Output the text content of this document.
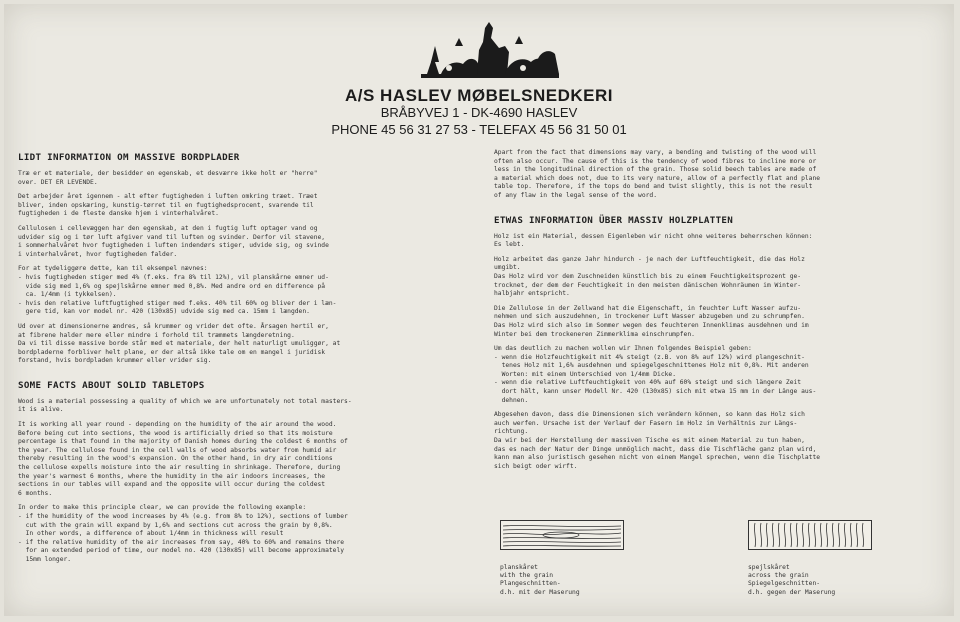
A/S HASLEV MØBELSNEDKERI
BRÅBYVEJ 1 - DK-4690 HASLEV
PHONE 45 56 31 27 53 - TELEFAX 45 56 31 50 01
LIDT INFORMATION OM MASSIVE BORDPLADER

Træ er et materiale, der besidder en egenskab, et desværre ikke holt er "herre"
over. DET ER LEVENDE.

Det arbejder året igennem - alt efter fugtigheden i luften omkring træet. Træet
bliver, inden opskæring, kunstig-tørret til en fugtighedsprocent, svarende til
fugtigheden i de fleste danske hjem i vinterhalvåret.

Cellulosen i cellevæggen har den egenskab, at den i fugtig luft optager vand og
udvider sig og i tør luft afgiver vand til luften og svinder. Derfor vil stavene,
i sommerhalvåret hvor fugtigheden i luften indendørs stiger, udvide sig, og svinde
i vinterhalvåret, hvor fugtigheden falder.

For at tydeliggøre dette, kan til eksempel nævnes:
- hvis fugtigheden stiger med 4% (f.eks. fra 8% til 12%), vil planskårne emner ud-
vide sig med 1,6% og spejlskårne emner med 0,8%. Med andre ord en difference på
ca. 1/4mm (i tykkelsen).
- hvis den relative luftfugtighed stiger med f.eks. 40% til 60% og bliver der i læn-
gere tid, kan vor model nr. 420 (130x85) udvide sig med ca. 15mm i længden.

Ud over at dimensionerne ændres, så krummer og vrider det ofte. Årsagen hertil er,
at fibrene halder mere eller mindre i forhold til træmmets længderetning.
Da vi til disse massive borde står med et materiale, der helt naturligt umuliggør, at
bordpladerne forbliver helt plane, er der altså ikke tale om en mangel i juridisk
forstand, hvis bordpladen krummer eller vrider sig.

SOME FACTS ABOUT SOLID TABLETOPS

Wood is a material possessing a quality of which we are unfortunately not total masters-
it is alive.

It is working all year round - depending on the humidity of the air around the wood.
Before being cut into sections, the wood is artificially dried so that its moisture
percentage is that found in the majority of Danish homes during the coldest 6 months of
the year. The cellulose found in the cell walls of wood absorbs water from humid air
thereby resulting in the wood's expansion. On the other hand, in dry air conditions
the cellulose expells moisture into the air resulting in shrinkage. Therefore, during
the year's warmest 6 months, where the humidity in the air indoors increases, the
sections in our tables will expand and the opposite will occur during the coldest
6 months.

In order to make this principle clear, we can provide the following example:
- if the humidity of the wood increases by 4% (e.g. from 8% to 12%), sections of lumber
cut with the grain will expand by 1,6% and sections cut across the grain by 0,8%.
In other words, a difference of about 1/4mm in thickness will result
- if the relative humidity of the air increases from say, 40% to 60% and remains there
for an extended period of time, our model no. 420 (130x85) will become approximately
15mm longer.

Apart from the fact that dimensions may vary, a bending and twisting of the wood will
often also occur. The cause of this is the tendency of wood fibres to incline more or
less in the longitudinal direction of the grain. Those solid beech tables are made of
a material which does not, due to its very nature, allow of a perfectly flat and plane
table top. Therefore, if the tops do bend and twist slightly, this is not the result
of any flaw in the legal sense of the word.

ETWAS INFORMATION ÜBER MASSIV HOLZPLATTEN

Holz ist ein Material, dessen Eigenleben wir nicht ohne weiteres beherrschen können:
Es lebt.

Holz arbeitet das ganze Jahr hindurch - je nach der Luftfeuchtigkeit, die das Holz
umgibt.
Das Holz wird vor dem Zuschneiden künstlich bis zu einem Feuchtigkeitsprozent ge-
trocknet, der dem der Feuchtigkeit in den meisten dänischen Wohnräumen im Winter-
halbjahr entspricht.

Die Zellulose in der Zellwand hat die Eigenschaft, in feuchter Luft Wasser aufzu-
nehmen und sich auszudehnen, in trockener Luft Wasser abzugeben und zu schrumpfen.
Das Holz wird sich also im Sommer wegen des feuchteren Innenklimas ausdehnen und im
Winter bei dem trockeneren Zimmerklima einschrumpfen.

Um das deutlich zu machen wollen wir Ihnen folgendes Beispiel geben:
- wenn die Holzfeuchtigkeit mit 4% steigt (z.B. von 8% auf 12%) wird plangeschnit-
tenes Holz mit 1,6% ausdehnen und spiegelgeschnittenes Holz mit 0,8%. Mit anderen
Worten: mit einem Unterschied von 1/4mm Dicke.
- wenn die relative Luftfeuchtigkeit von 40% auf 60% steigt und sich längere Zeit
dort hält, kann unser Modell Nr. 420 (130x85) sich mit etwa 15 mm in der Länge aus-
dehnen.

Abgesehen davon, dass die Dimensionen sich verändern können, so kann das Holz sich
auch werfen. Ursache ist der Verlauf der Fasern im Holz im Verhältnis zur Längs-
richtung.
Da wir bei der Herstellung der massiven Tische es mit einem Material zu tun haben,
das es nach der Natur der Dinge unmöglich macht, dass die Tischfläche ganz plan wird,
kann man also juristisch gesehen nicht von einem Mangel sprechen, wenn die Tischplatte
sich beigt oder wirft.

planskåret
with the grain
Plangeschnitten-
d.h. mit der Maserung
spejlskåret
across the grain
Spiegelgeschnitten-
d.h. gegen der Maserung
